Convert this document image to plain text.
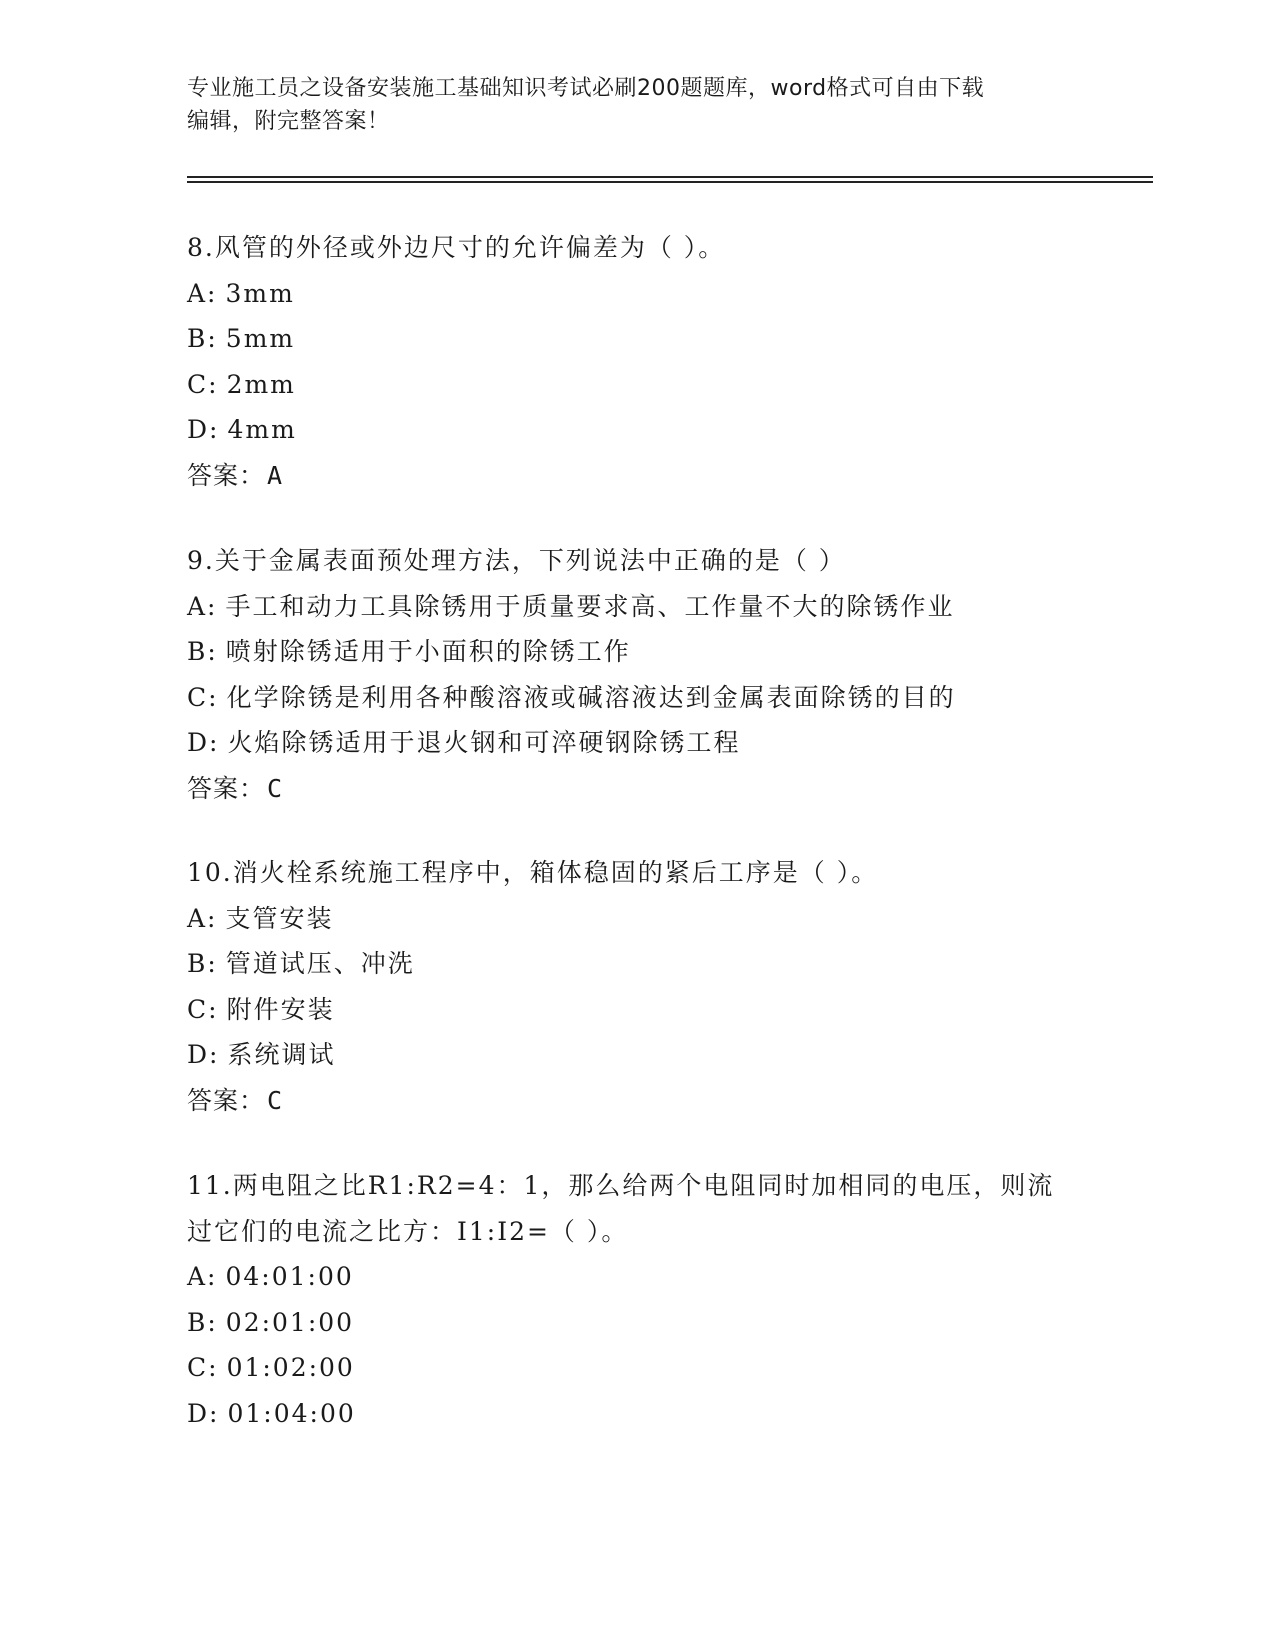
专业施工员之设备安装施工基础知识考试必刷200题题库，word格式可自由下载
编辑，附完整答案！
8.风管的外径或外边尺寸的允许偏差为（ ）。
A: 3mm
B: 5mm
C: 2mm
D: 4mm
答案：A
9.关于金属表面预处理方法，下列说法中正确的是（ ）
A: 手工和动力工具除锈用于质量要求高、工作量不大的除锈作业
B: 喷射除锈适用于小面积的除锈工作
C: 化学除锈是利用各种酸溶液或碱溶液达到金属表面除锈的目的
D: 火焰除锈适用于退火钢和可淬硬钢除锈工程
答案：C
10.消火栓系统施工程序中，箱体稳固的紧后工序是（ ）。
A: 支管安装
B: 管道试压、冲洗
C: 附件安装
D: 系统调试
答案：C
11.两电阻之比R1:R2=4：1，那么给两个电阻同时加相同的电压，则流
过它们的电流之比方：I1:I2=（ ）。
A: 04:01:00
B: 02:01:00
C: 01:02:00
D: 01:04:00
